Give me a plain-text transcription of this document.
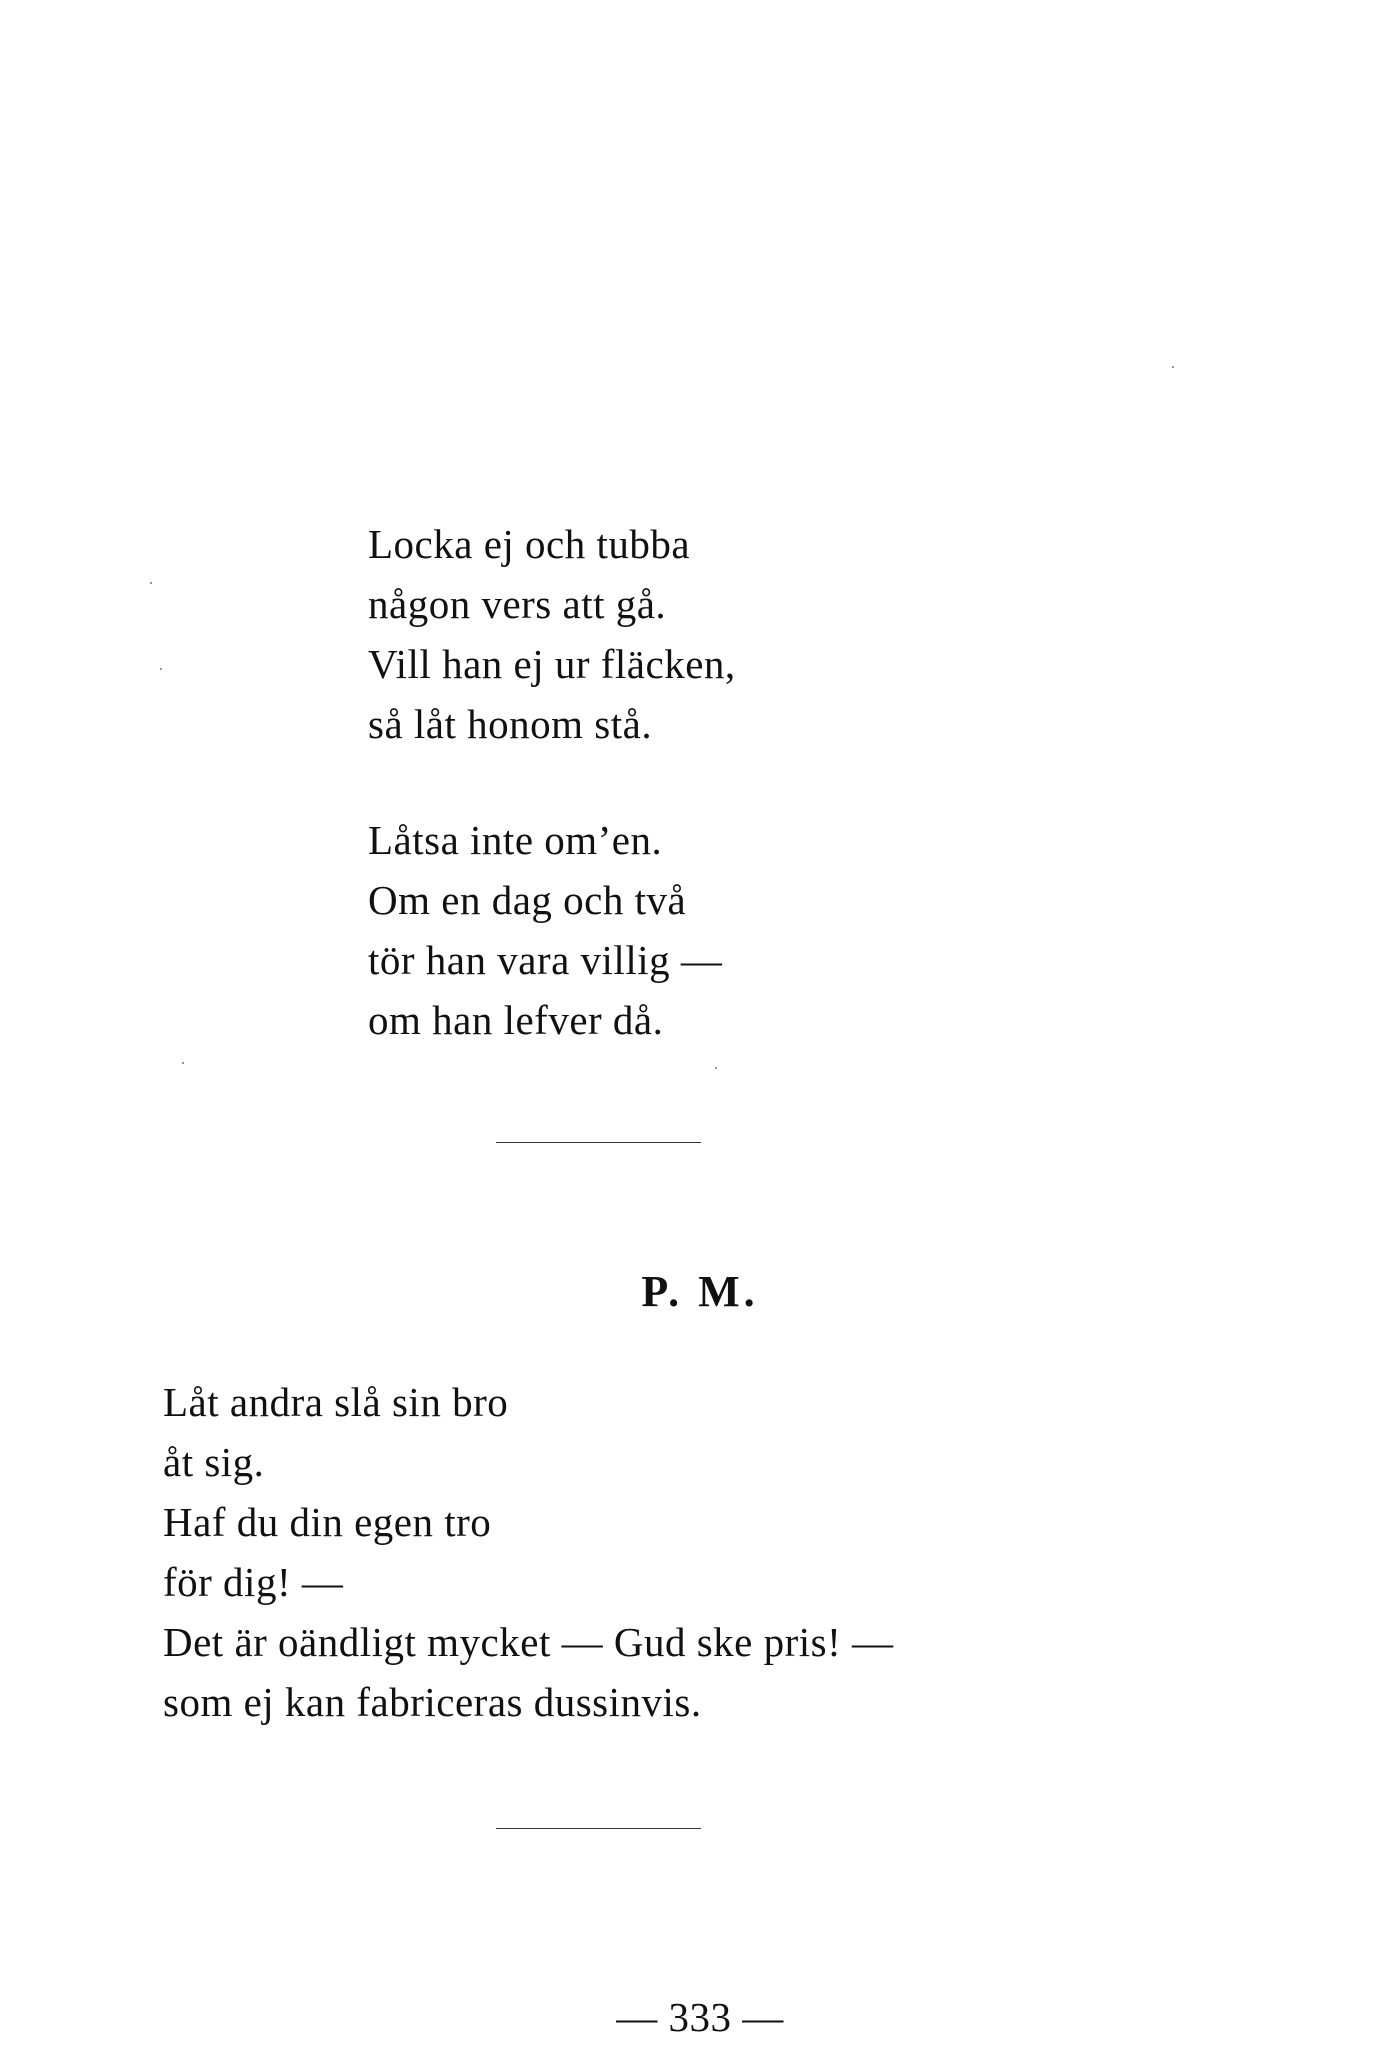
Locka ej och tubba
någon vers att gå.
Vill han ej ur fläcken,
så låt honom stå.
Låtsa inte om’en.
Om en dag och två
tör han vara villig —
om han lefver då.
P. M.
Låt andra slå sin bro
åt sig.
Haf du din egen tro
för dig! —
Det är oändligt mycket — Gud ske pris! —
som ej kan fabriceras dussinvis.
— 333 —
